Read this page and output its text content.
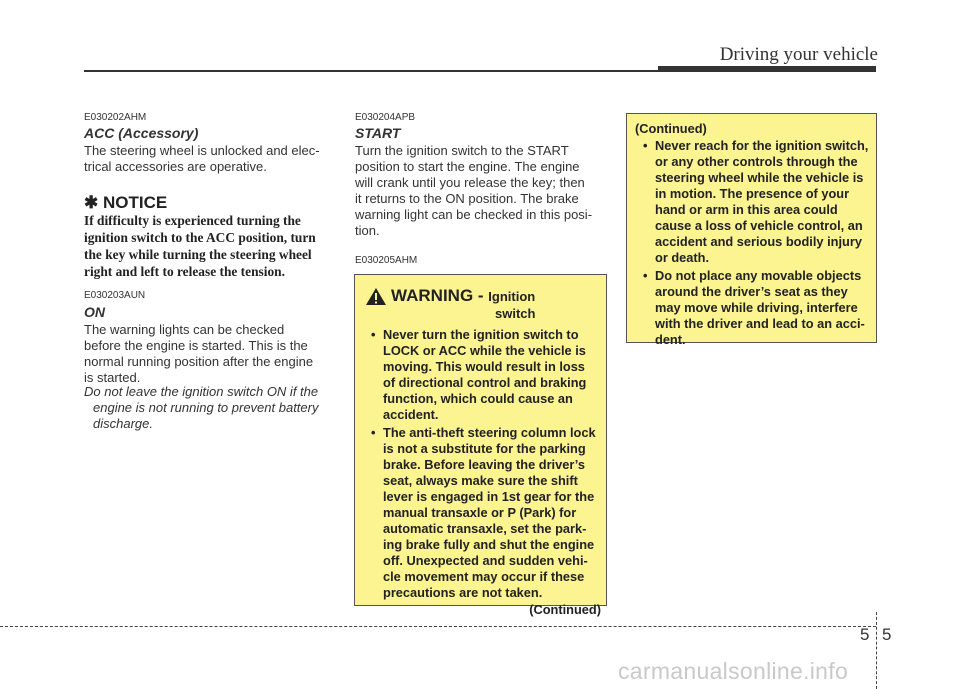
Driving your vehicle
E030202AHM
ACC (Accessory)
The steering wheel is unlocked and elec-
trical accessories are operative.
✱ NOTICE
If difficulty is experienced turning the
ignition switch to the ACC position, turn
the key while turning the steering wheel
right and left to release the tension.
E030203AUN
ON
The warning lights can be checked
before the engine is started. This is the
normal running position after the engine
is started.
Do not leave the ignition switch ON if the
engine is not running to prevent battery
discharge.
E030204APB
START
Turn the ignition switch to the START
position to start the engine. The engine
will crank until you release the key; then
it returns to the ON position. The brake
warning light can be checked in this posi-
tion.
E030205AHM
WARNING - Ignition
switch
• Never turn the ignition switch to
LOCK or ACC while the vehicle is
moving. This would result in loss
of directional control and braking
function, which could cause an
accident.
• The anti-theft steering column lock
is not a substitute for the parking
brake. Before leaving the driver’s
seat, always make sure the shift
lever is engaged in 1st gear for the
manual transaxle or P (Park) for
automatic transaxle, set the park-
ing brake fully and shut the engine
off. Unexpected and sudden vehi-
cle movement may occur if these
precautions are not taken.
(Continued)
(Continued)
• Never reach for the ignition switch,
or any other controls through the
steering wheel while the vehicle is
in motion. The presence of your
hand or arm in this area could
cause a loss of vehicle control, an
accident and serious bodily injury
or death.
• Do not place any movable objects
around the driver’s seat as they
may move while driving, interfere
with the driver and lead to an acci-
dent.
5 5
carmanualsonline.info
